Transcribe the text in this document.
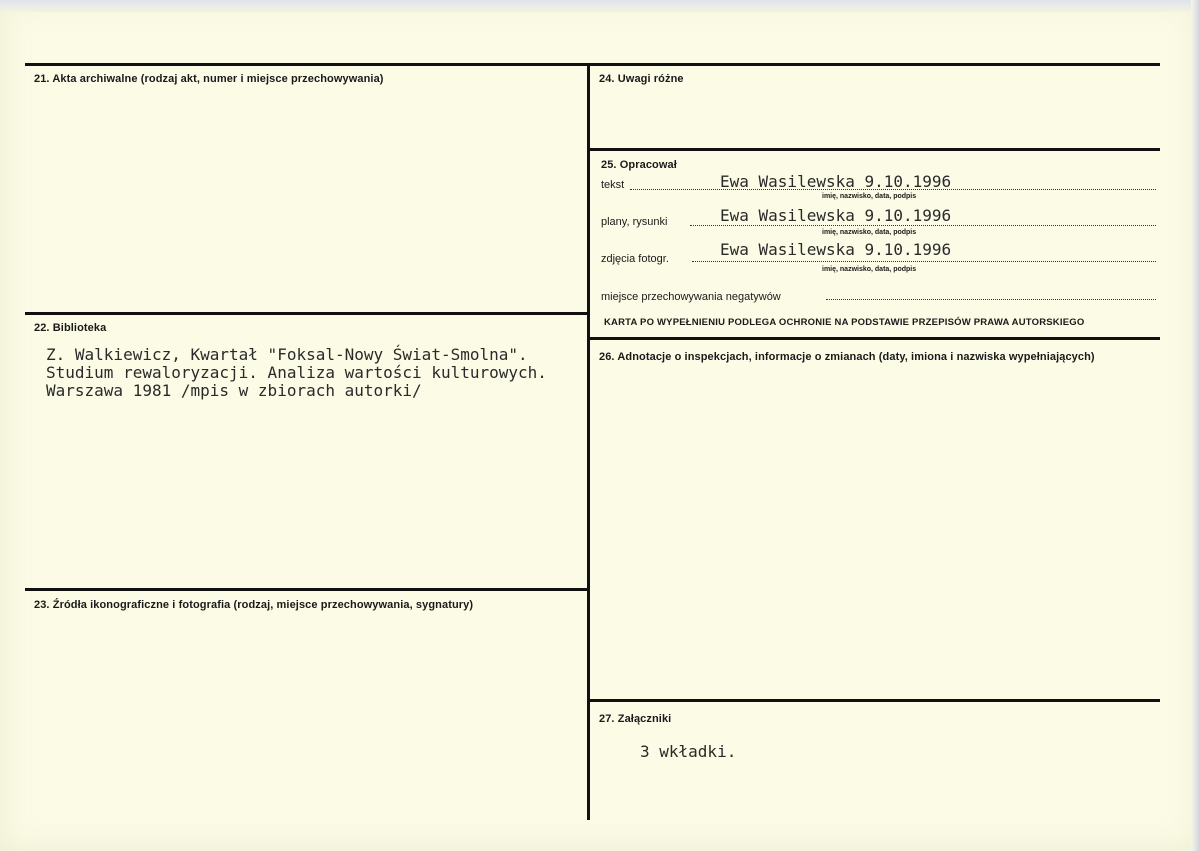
21. Akta archiwalne (rodzaj akt, numer i miejsce przechowywania)
22. Biblioteka
Z. Walkiewicz, Kwartał "Foksal-Nowy Świat-Smolna".
Studium rewaloryzacji. Analiza wartości kulturowych.
Warszawa 1981 /mpis w zbiorach autorki/
23. Źródła ikonograficzne i fotografia (rodzaj, miejsce przechowywania, sygnatury)
24. Uwagi różne
25. Opracował
tekst	Ewa Wasilewska 9.10.1996
imię, nazwisko, data, podpis
plany, rysunki	Ewa Wasilewska 9.10.1996
imię, nazwisko, data, podpis
zdjęcia fotogr.	Ewa Wasilewska 9.10.1996
imię, nazwisko, data, podpis
miejsce przechowywania negatywów
KARTA PO WYPEŁNIENIU PODLEGA OCHRONIE NA PODSTAWIE PRZEPISÓW PRAWA AUTORSKIEGO
26. Adnotacje o inspekcjach, informacje o zmianach (daty, imiona i nazwiska wypełniających)
27. Załączniki
3 wkładki.
